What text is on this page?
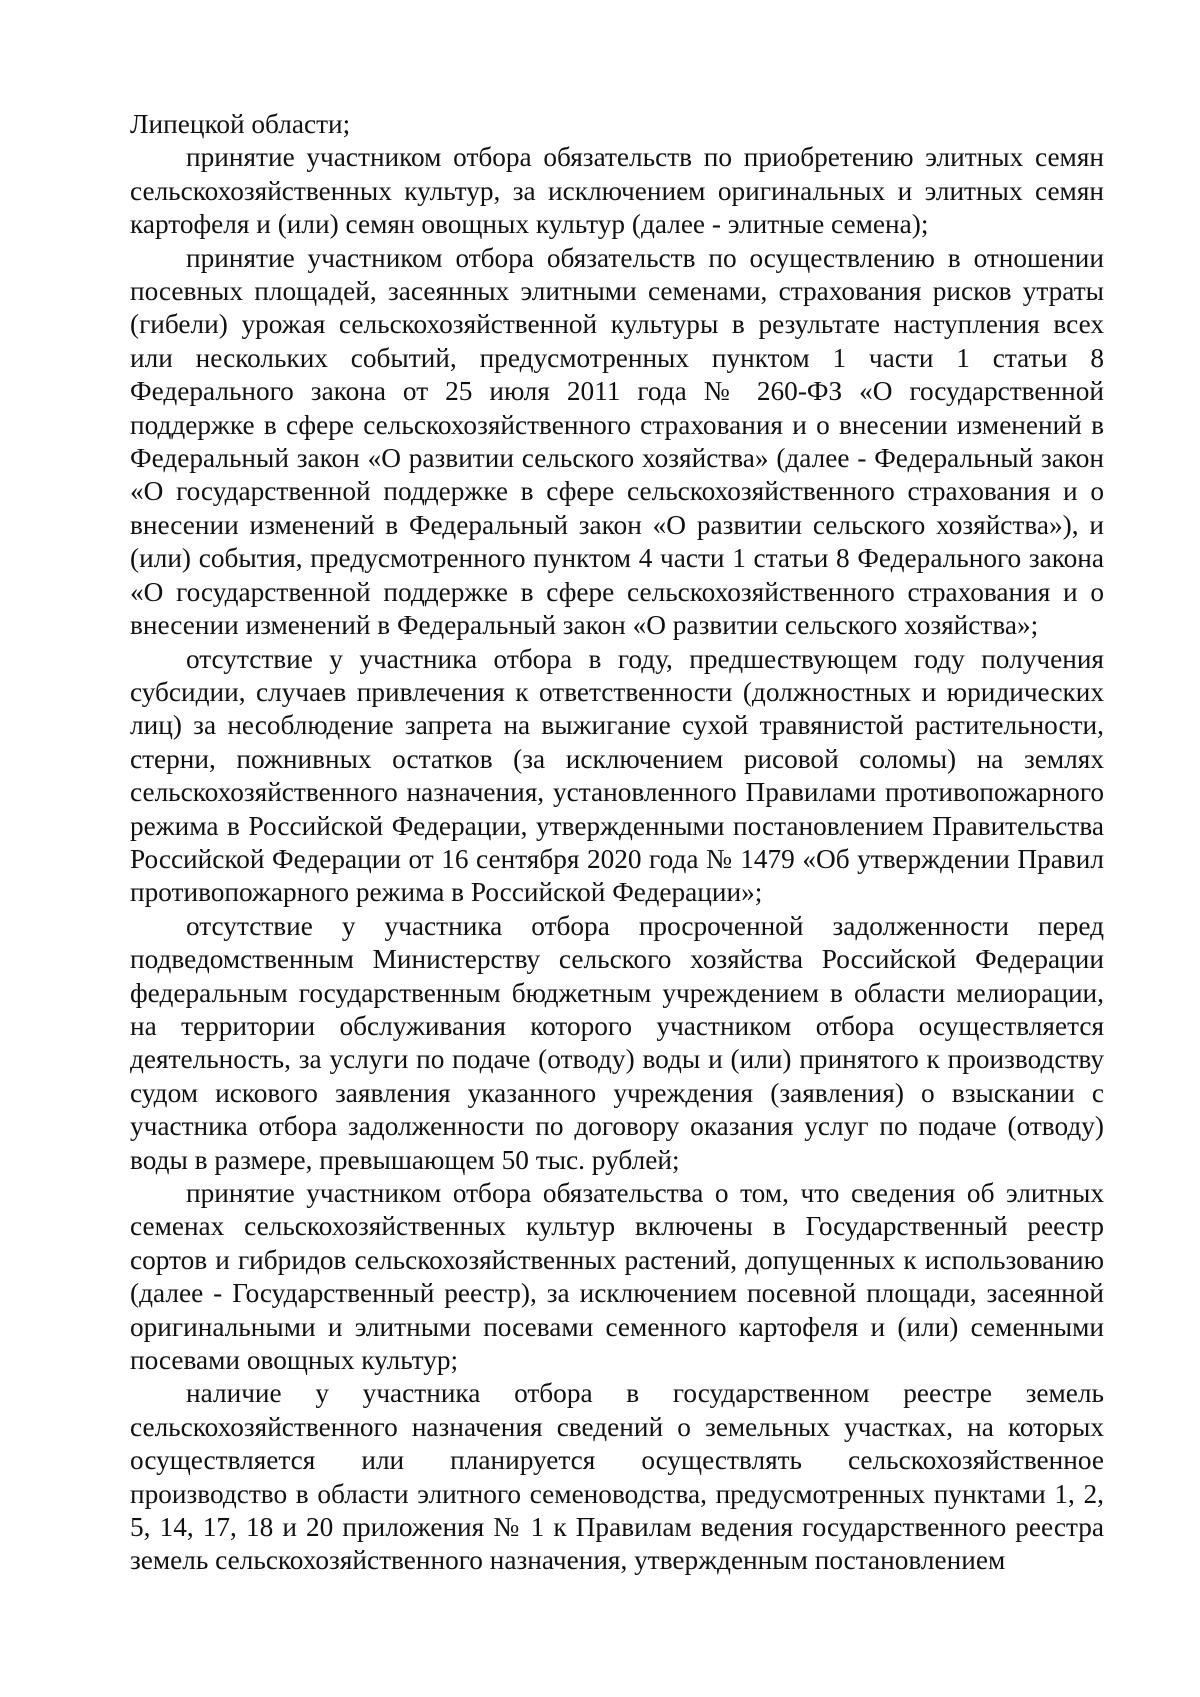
Липецкой области;

принятие участником отбора обязательств по приобретению элитных семян сельскохозяйственных культур, за исключением оригинальных и элитных семян картофеля и (или) семян овощных культур (далее - элитные семена);

принятие участником отбора обязательств по осуществлению в отношении посевных площадей, засеянных элитными семенами, страхования рисков утраты (гибели) урожая сельскохозяйственной культуры в результате наступления всех или нескольких событий, предусмотренных пунктом 1 части 1 статьи 8 Федерального закона от 25 июля 2011 года № 260-ФЗ «О государственной поддержке в сфере сельскохозяйственного страхования и о внесении изменений в Федеральный закон «О развитии сельского хозяйства» (далее - Федеральный закон «О государственной поддержке в сфере сельскохозяйственного страхования и о внесении изменений в Федеральный закон «О развитии сельского хозяйства»), и (или) события, предусмотренного пунктом 4 части 1 статьи 8 Федерального закона «О государственной поддержке в сфере сельскохозяйственного страхования и о внесении изменений в Федеральный закон «О развитии сельского хозяйства»;

отсутствие у участника отбора в году, предшествующем году получения субсидии, случаев привлечения к ответственности (должностных и юридических лиц) за несоблюдение запрета на выжигание сухой травянистой растительности, стерни, пожнивных остатков (за исключением рисовой соломы) на землях сельскохозяйственного назначения, установленного Правилами противопожарного режима в Российской Федерации, утвержденными постановлением Правительства Российской Федерации от 16 сентября 2020 года № 1479 «Об утверждении Правил противопожарного режима в Российской Федерации»;

отсутствие у участника отбора просроченной задолженности перед подведомственным Министерству сельского хозяйства Российской Федерации федеральным государственным бюджетным учреждением в области мелиорации, на территории обслуживания которого участником отбора осуществляется деятельность, за услуги по подаче (отводу) воды и (или) принятого к производству судом искового заявления указанного учреждения (заявления) о взыскании с участника отбора задолженности по договору оказания услуг по подаче (отводу) воды в размере, превышающем 50 тыс. рублей;

принятие участником отбора обязательства о том, что сведения об элитных семенах сельскохозяйственных культур включены в Государственный реестр сортов и гибридов сельскохозяйственных растений, допущенных к использованию (далее - Государственный реестр), за исключением посевной площади, засеянной оригинальными и элитными посевами семенного картофеля и (или) семенными посевами овощных культур;

наличие у участника отбора в государственном реестре земель сельскохозяйственного назначения сведений о земельных участках, на которых осуществляется или планируется осуществлять сельскохозяйственное производство в области элитного семеноводства, предусмотренных пунктами 1, 2, 5, 14, 17, 18 и 20 приложения № 1 к Правилам ведения государственного реестра земель сельскохозяйственного назначения, утвержденным постановлением
